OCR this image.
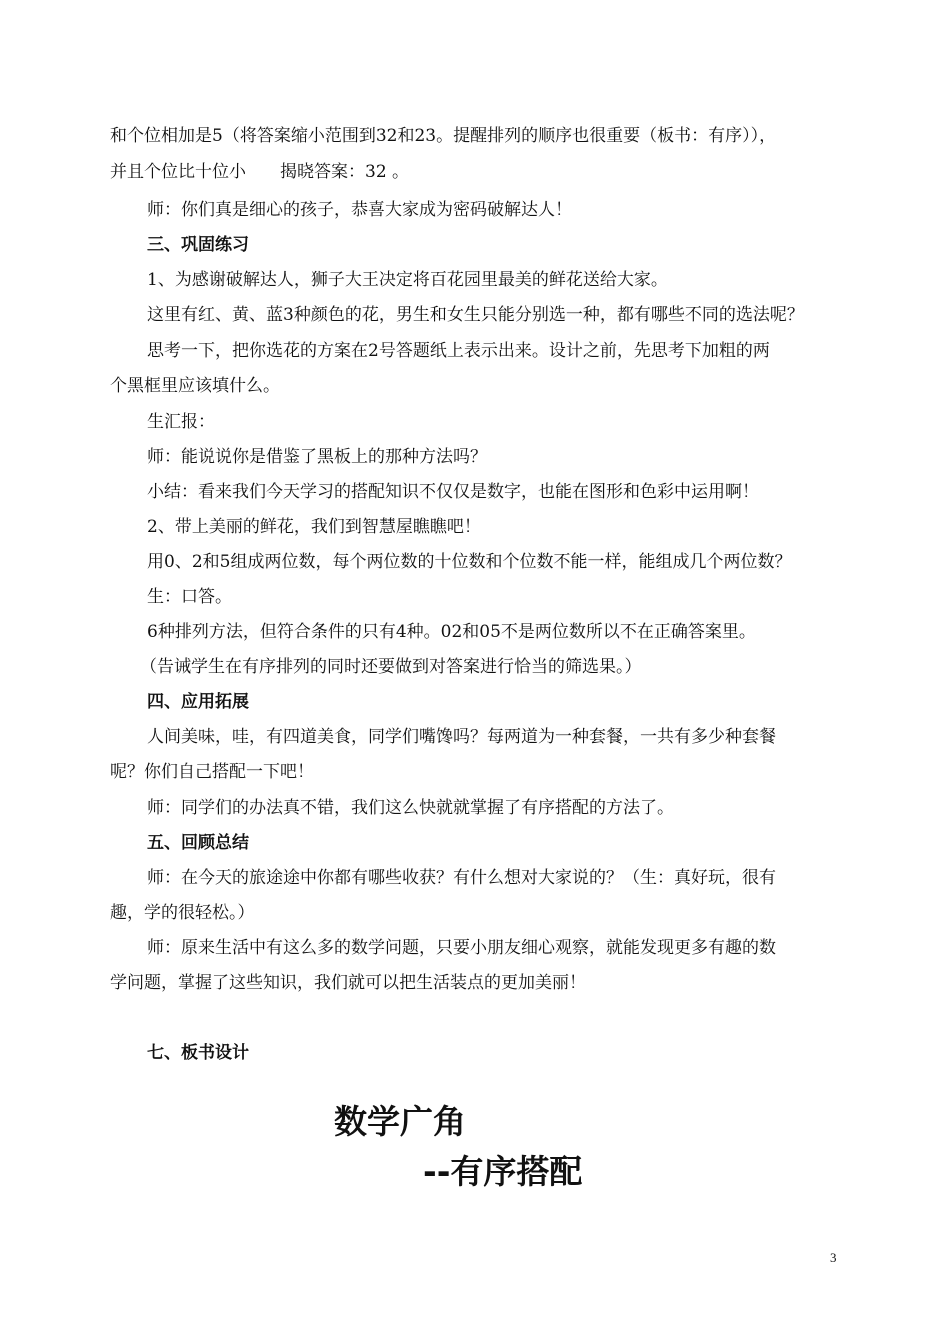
和个位相加是5（将答案缩小范围到32和23。提醒排列的顺序也很重要（板书：有序）），
并且个位比十位小　　揭晓答案：32 。
师：你们真是细心的孩子，恭喜大家成为密码破解达人！
三、巩固练习
1、为感谢破解达人，狮子大王决定将百花园里最美的鲜花送给大家。
这里有红、黄、蓝3种颜色的花，男生和女生只能分别选一种，都有哪些不同的选法呢？
思考一下，把你选花的方案在2号答题纸上表示出来。设计之前，先思考下加粗的两
个黑框里应该填什么。
生汇报：
师：能说说你是借鉴了黑板上的那种方法吗？
小结：看来我们今天学习的搭配知识不仅仅是数字，也能在图形和色彩中运用啊！
2、带上美丽的鲜花，我们到智慧屋瞧瞧吧！
用0、2和5组成两位数，每个两位数的十位数和个位数不能一样，能组成几个两位数？
生：口答。
6种排列方法，但符合条件的只有4种。02和05不是两位数所以不在正确答案里。
（告诫学生在有序排列的同时还要做到对答案进行恰当的筛选果。）
四、应用拓展
人间美味，哇，有四道美食，同学们嘴馋吗？每两道为一种套餐，一共有多少种套餐
呢？你们自己搭配一下吧！
师：同学们的办法真不错，我们这么快就就掌握了有序搭配的方法了。
五、回顾总结
师：在今天的旅途途中你都有哪些收获？有什么想对大家说的？（生：真好玩，很有
趣，学的很轻松。）
师：原来生活中有这么多的数学问题，只要小朋友细心观察，就能发现更多有趣的数
学问题，掌握了这些知识，我们就可以把生活装点的更加美丽！
七、板书设计
数学广角
--有序搭配
3
